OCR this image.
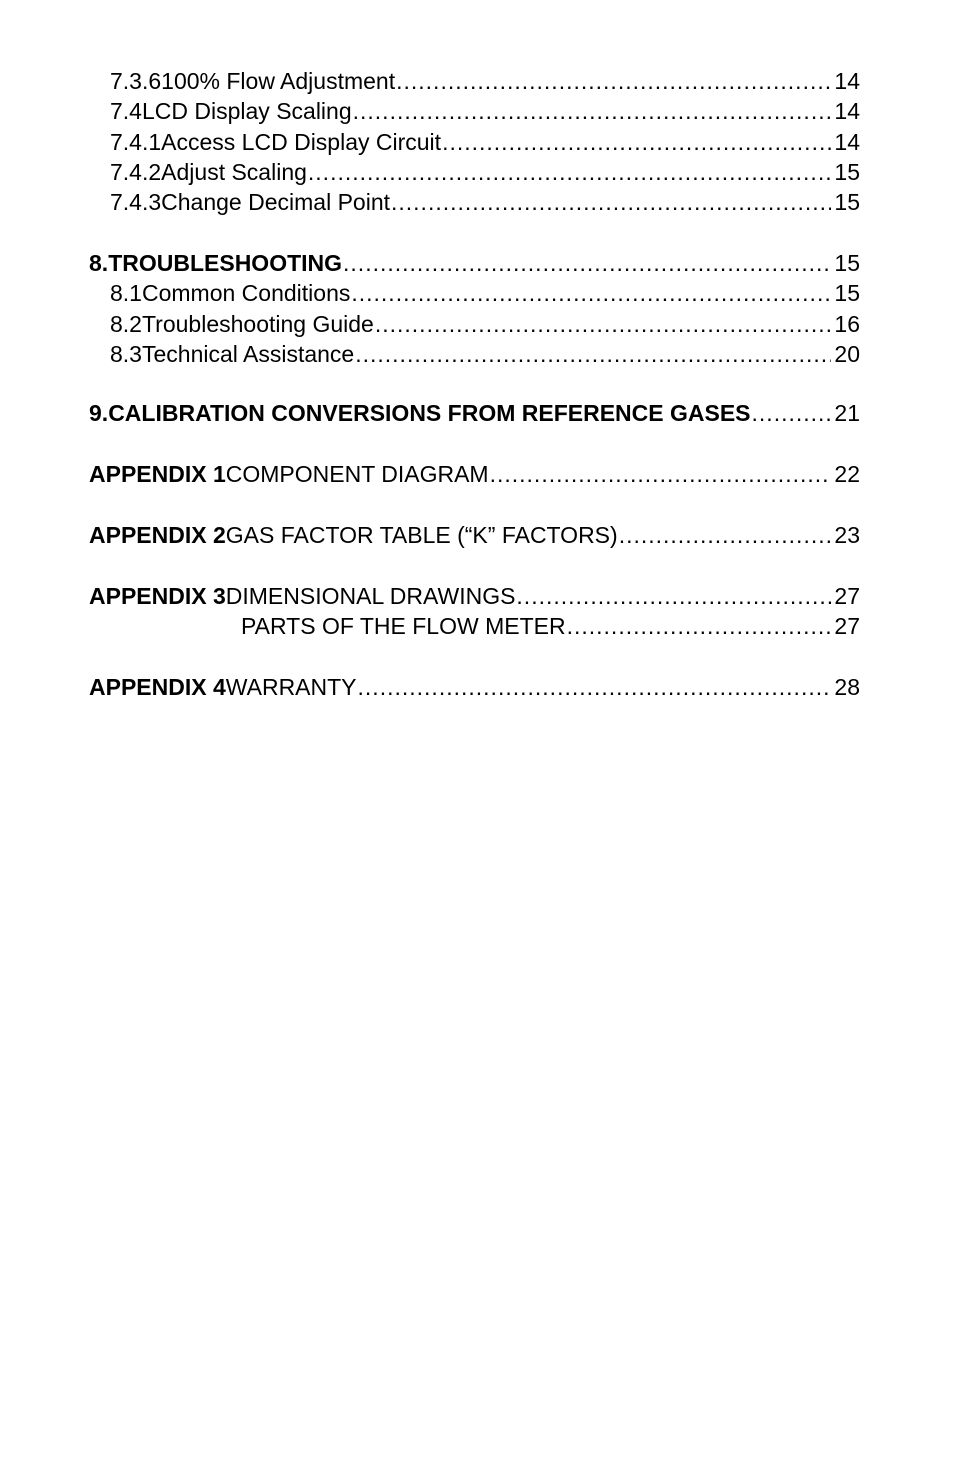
7.3.6 100% Flow Adjustment .....	14
7.4 LCD Display Scaling .....	14
7.4.1 Access LCD Display Circuit .....	14
7.4.2 Adjust Scaling .....	15
7.4.3 Change Decimal Point .....	15
8. TROUBLESHOOTING .....	15
8.1 Common Conditions .....	15
8.2 Troubleshooting Guide .....	16
8.3 Technical Assistance .....	20
9. CALIBRATION CONVERSIONS FROM REFERENCE GASES .....	21
APPENDIX 1 COMPONENT DIAGRAM .....	22
APPENDIX 2 GAS FACTOR TABLE (“K” FACTORS) .....	23
APPENDIX 3 DIMENSIONAL DRAWINGS .....	27
PARTS OF THE FLOW METER .....	27
APPENDIX 4 WARRANTY .....	28
